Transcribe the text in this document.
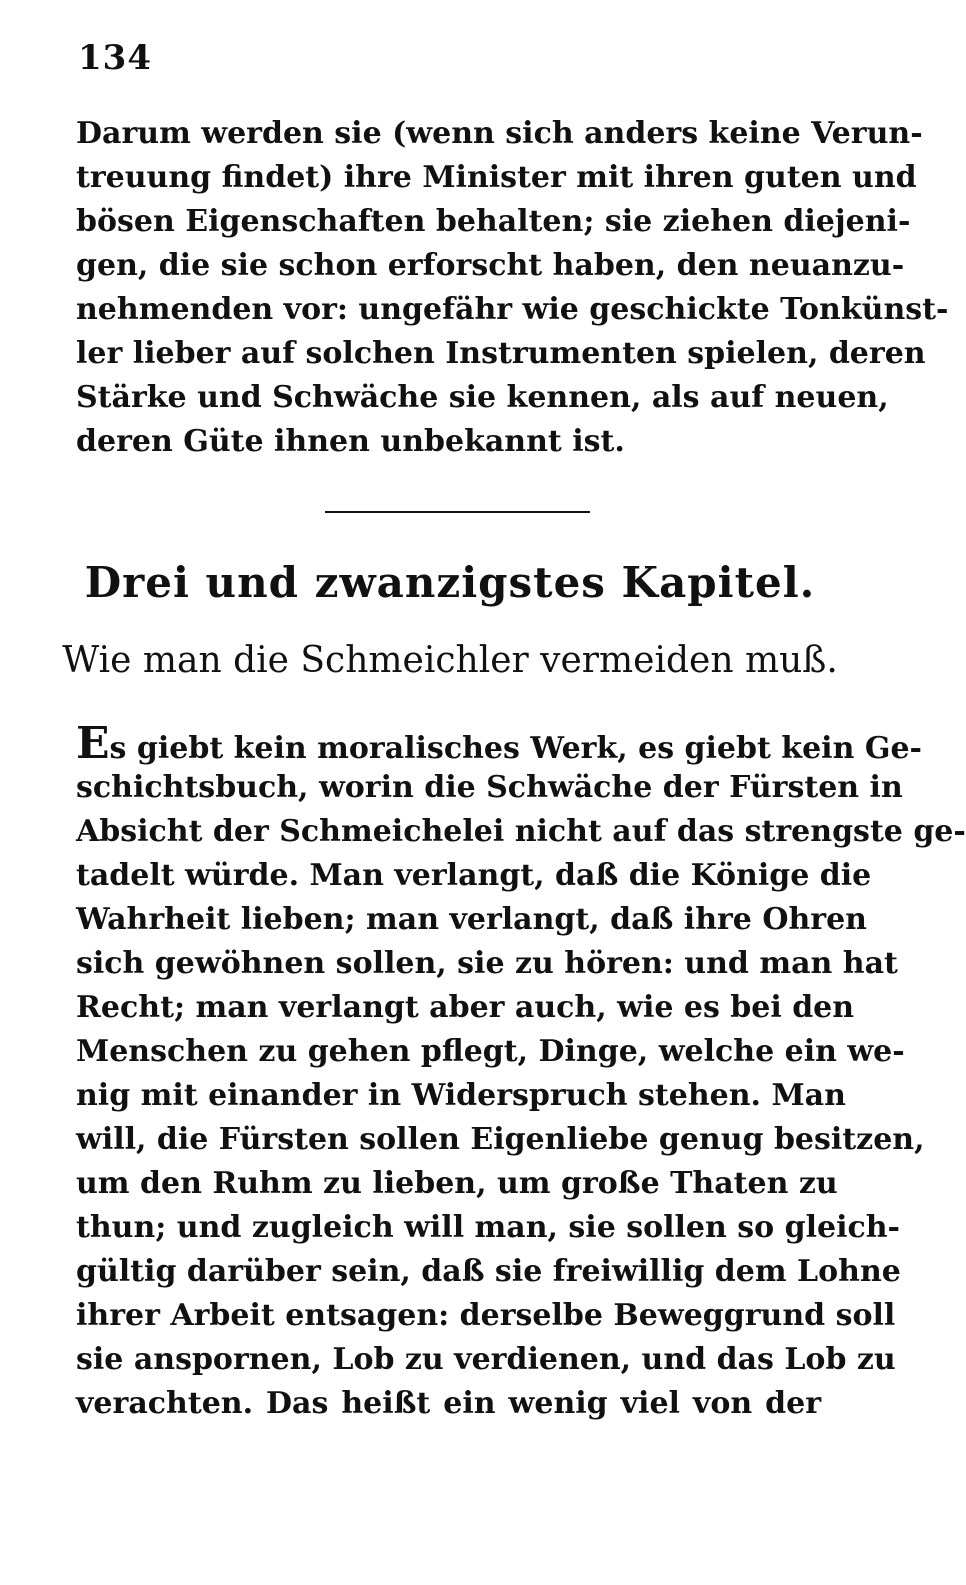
134
Darum werden sie (wenn sich anders keine Verun-
treuung findet) ihre Minister mit ihren guten und
bösen Eigenschaften behalten; sie ziehen diejeni-
gen, die sie schon erforscht haben, den neuanzu-
nehmenden vor: ungefähr wie geschickte Tonkünst-
ler lieber auf solchen Instrumenten spielen, deren
Stärke und Schwäche sie kennen, als auf neuen,
deren Güte ihnen unbekannt ist.
Drei und zwanzigstes Kapitel.
Wie man die Schmeichler vermeiden muß.
Es giebt kein moralisches Werk, es giebt kein Ge-
schichtsbuch, worin die Schwäche der Fürsten in
Absicht der Schmeichelei nicht auf das strengste ge-
tadelt würde. Man verlangt, daß die Könige die
Wahrheit lieben; man verlangt, daß ihre Ohren
sich gewöhnen sollen, sie zu hören: und man hat
Recht; man verlangt aber auch, wie es bei den
Menschen zu gehen pflegt, Dinge, welche ein we-
nig mit einander in Widerspruch stehen. Man
will, die Fürsten sollen Eigenliebe genug besitzen,
um den Ruhm zu lieben, um große Thaten zu
thun; und zugleich will man, sie sollen so gleich-
gültig darüber sein, daß sie freiwillig dem Lohne
ihrer Arbeit entsagen: derselbe Beweggrund soll
sie anspornen, Lob zu verdienen, und das Lob zu
verachten. Das heißt ein wenig viel von der
